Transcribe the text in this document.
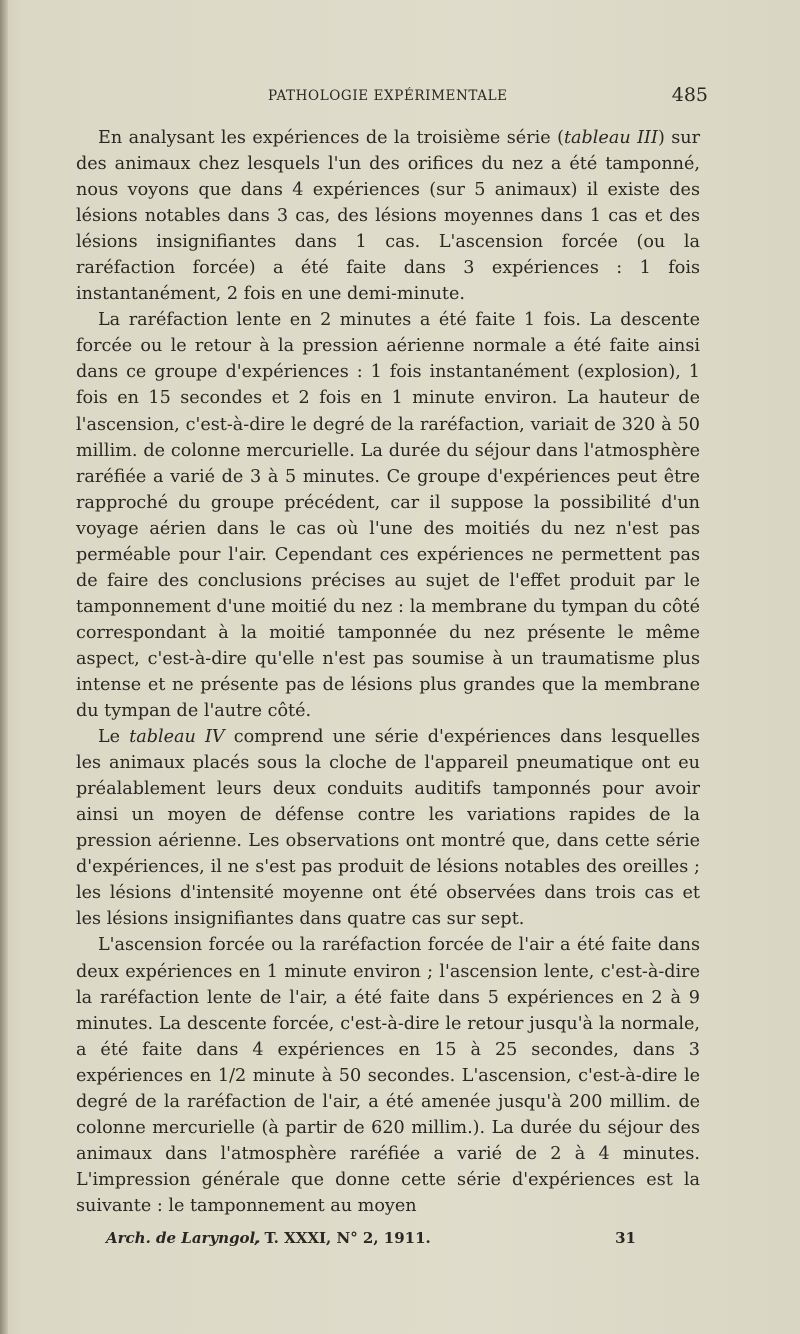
PATHOLOGIE EXPÉRIMENTALE	485

En analysant les expériences de la troisième série (tableau III) sur des animaux chez lesquels l'un des orifices du nez a été tamponné, nous voyons que dans 4 expériences (sur 5 animaux) il existe des lésions notables dans 3 cas, des lésions moyennes dans 1 cas et des lésions insignifiantes dans 1 cas. L'ascension forcée (ou la raréfaction forcée) a été faite dans 3 expériences : 1 fois instantanément, 2 fois en une demi-minute.

La raréfaction lente en 2 minutes a été faite 1 fois. La descente forcée ou le retour à la pression aérienne normale a été faite ainsi dans ce groupe d'expériences : 1 fois instantanément (explosion), 1 fois en 15 secondes et 2 fois en 1 minute environ. La hauteur de l'ascension, c'est-à-dire le degré de la raréfaction, variait de 320 à 50 millim. de colonne mercurielle. La durée du séjour dans l'atmosphère raréfiée a varié de 3 à 5 minutes. Ce groupe d'expériences peut être rapproché du groupe précédent, car il suppose la possibilité d'un voyage aérien dans le cas où l'une des moitiés du nez n'est pas perméable pour l'air. Cependant ces expériences ne permettent pas de faire des conclusions précises au sujet de l'effet produit par le tamponnement d'une moitié du nez : la membrane du tympan du côté correspondant à la moitié tamponnée du nez présente le même aspect, c'est-à-dire qu'elle n'est pas soumise à un traumatisme plus intense et ne présente pas de lésions plus grandes que la membrane du tympan de l'autre côté.

Le tableau IV comprend une série d'expériences dans lesquelles les animaux placés sous la cloche de l'appareil pneumatique ont eu préalablement leurs deux conduits auditifs tamponnés pour avoir ainsi un moyen de défense contre les variations rapides de la pression aérienne. Les observations ont montré que, dans cette série d'expériences, il ne s'est pas produit de lésions notables des oreilles ; les lésions d'intensité moyenne ont été observées dans trois cas et les lésions insignifiantes dans quatre cas sur sept.

L'ascension forcée ou la raréfaction forcée de l'air a été faite dans deux expériences en 1 minute environ ; l'ascension lente, c'est-à-dire la raréfaction lente de l'air, a été faite dans 5 expériences en 2 à 9 minutes. La descente forcée, c'est-à-dire le retour jusqu'à la normale, a été faite dans 4 expériences en 15 à 25 secondes, dans 3 expériences en 1/2 minute à 50 secondes. L'ascension, c'est-à-dire le degré de la raréfaction de l'air, a été amenée jusqu'à 200 millim. de colonne mercurielle (à partir de 620 millim.). La durée du séjour des animaux dans l'atmosphère raréfiée a varié de 2 à 4 minutes. L'impression générale que donne cette série d'expériences est la suivante : le tamponnement au moyen

Arch. de Laryngol.
, T. XXXI, N° 2, 1911.	31
